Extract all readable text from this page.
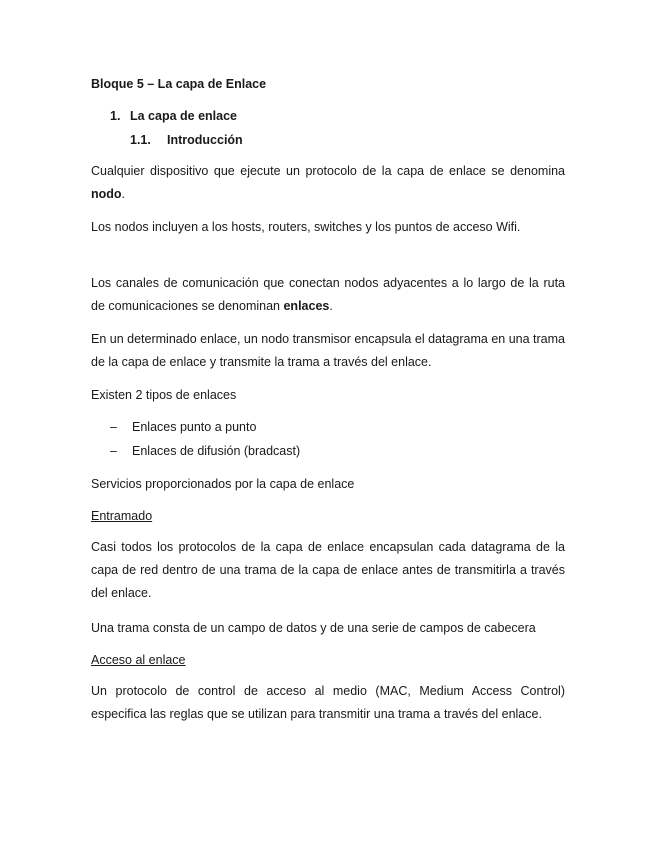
Bloque 5 – La capa de Enlace
1. La capa de enlace
1.1. Introducción
Cualquier dispositivo que ejecute un protocolo de la capa de enlace se denomina nodo.
Los nodos incluyen a los hosts, routers, switches y los puntos de acceso Wifi.
Los canales de comunicación que conectan nodos adyacentes a lo largo de la ruta de comunicaciones se denominan enlaces.
En un determinado enlace, un nodo transmisor encapsula el datagrama en una trama de la capa de enlace y transmite la trama a través del enlace.
Existen 2 tipos de enlaces
– Enlaces punto a punto
– Enlaces de difusión (bradcast)
Servicios proporcionados por la capa de enlace
Entramado
Casi todos los protocolos de la capa de enlace encapsulan cada datagrama de la capa de red dentro de una trama de la capa de enlace antes de transmitirla a través del enlace.
Una trama consta de un campo de datos y de una serie de campos de cabecera
Acceso al enlace
Un protocolo de control de acceso al medio (MAC, Medium Access Control) especifica las reglas que se utilizan para transmitir una trama a través del enlace.
